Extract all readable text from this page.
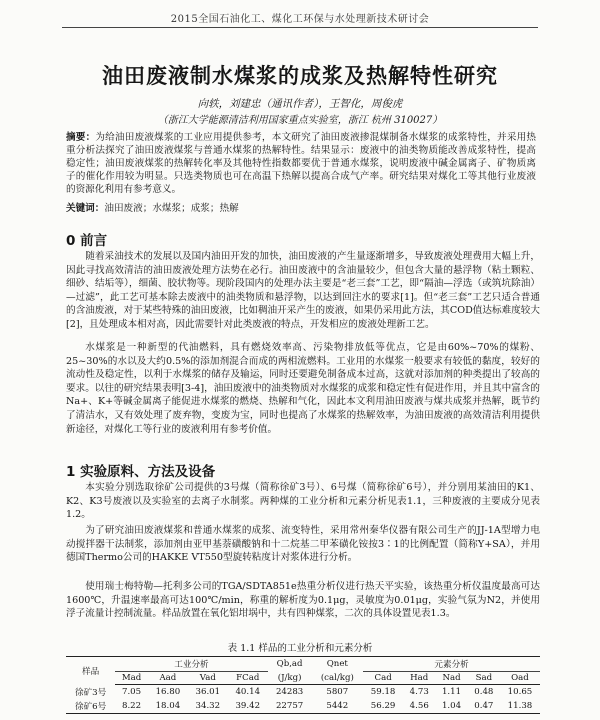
2015全国石油化工、煤化工环保与水处理新技术研讨会
油田废液制水煤浆的成浆及热解特性研究
向轶，刘建忠（通讯作者），王智化，周俊虎
（浙江大学能源清洁利用国家重点实验室，浙江 杭州 310027）
摘要：为给油田废液煤浆的工业应用提供参考，本文研究了油田废液掺混煤制备水煤浆的成浆特性，并采用热重分析法探究了油田废液煤浆与普通水煤浆的热解特性。结果显示：废液中的油类物质能改善成浆特性，提高稳定性；油田废液煤浆的热解转化率及其他特性指数都要优于普通水煤浆，说明废液中碱金属离子、矿物质离子的催化作用较为明显。只选类物质也可在高温下热解以提高合成气产率。研究结果对煤化工等其他行业废液的资源化利用有参考意义。
关键词：油田废液；水煤浆；成浆；热解
0 前言
随着采油技术的发展以及国内油田开发的加快，油田废液的产生量逐渐增多，导致废液处理费用大幅上升，因此寻找高效清洁的油田废液处理方法势在必行。油田废液中的含油量较少，但包含大量的悬浮物（粘土颗粒、细砂、结垢等），细菌、胶状物等。现阶段国内的处理办法主要是“老三套”工艺，即“隔油—浮选（或筑坑除油）—过滤”，此工艺可基本除去废液中的油类物质和悬浮物，以达到回注水的要求[1]。但“老三套”工艺只适合普通的含油废液，对于某些特殊的油田废液，比如稠油开采产生的废液，如果仍采用此方法，其COD值达标难度较大[2]，且处理成本相对高，因此需要针对此类废液的特点，开发相应的废液处理新工艺。
水煤浆是一种新型的代油燃料，具有燃烧效率高、污染物排放低等优点，它是由60%~70%的煤粉、25~30%的水以及大约0.5%的添加剂混合而成的两相流燃料。工业用的水煤浆一般要求有较低的黏度，较好的流动性及稳定性，以利于水煤浆的储存及输运，同时还要避免制备成本过高，这就对添加剂的种类提出了较高的要求。以往的研究结果表明[3-4]，油田废液中的油类物质对水煤浆的成浆和稳定性有促进作用，并且其中富含的Na+、K+等碱金属离子能促进水煤浆的燃烧、热解和气化，因此本文利用油田废液与煤共成浆并热解，既节约了清洁水，又有效处理了废弃物，变废为宝，同时也提高了水煤浆的热解效率，为油田废液的高效清洁利用提供新途径，对煤化工等行业的废液利用有参考价值。
1 实验原料、方法及设备
本实验分别选取徐矿公司提供的3号煤（简称徐矿3号）、6号煤（简称徐矿6号），并分别用某油田的K1、K2、K3号废液以及实验室的去离子水制浆。两种煤的工业分析和元素分析见表1.1，三种废液的主要成分见表1.2。
为了研究油田废液煤浆和普通水煤浆的成浆、流变特性，采用常州秦华仪器有限公司生产的JJ-1A型增力电动搅拌器干法制浆，添加剂由亚甲基萘磺酸钠和十二烷基二甲苯磺化铵按3∶1的比例配置（简称Y+SA），并用德国Thermo公司的HAKKE VT550型旋转粘度计对浆体进行分析。
使用瑞士梅特勒—托利多公司的TGA/SDTA851e热重分析仪进行热天平实验，该热重分析仪温度最高可达1600℃，升温速率最高可达100℃/min，称重的解析度为0.1μg，灵敏度为0.01μg，实验气氛为N2，并使用浮子流量计控制流量。样品放置在氧化铝坩埚中，共有四种煤浆，二次的具体设置见表1.3。
表 1.1 样品的工业分析和元素分析
样品	工业分析				Qb,ad	Qnet	元素分析				
	Mad	Aad	Vad	FCad	(J/kg)	(cal/kg)	Cad	Had	Nad	Sad	Oad
徐矿3号	7.05	16.80	36.01	40.14	24283	5807	59.18	4.73	1.11	0.48	10.65
徐矿6号	8.22	18.04	34.32	39.42	22757	5442	56.29	4.56	1.04	0.47	11.38
